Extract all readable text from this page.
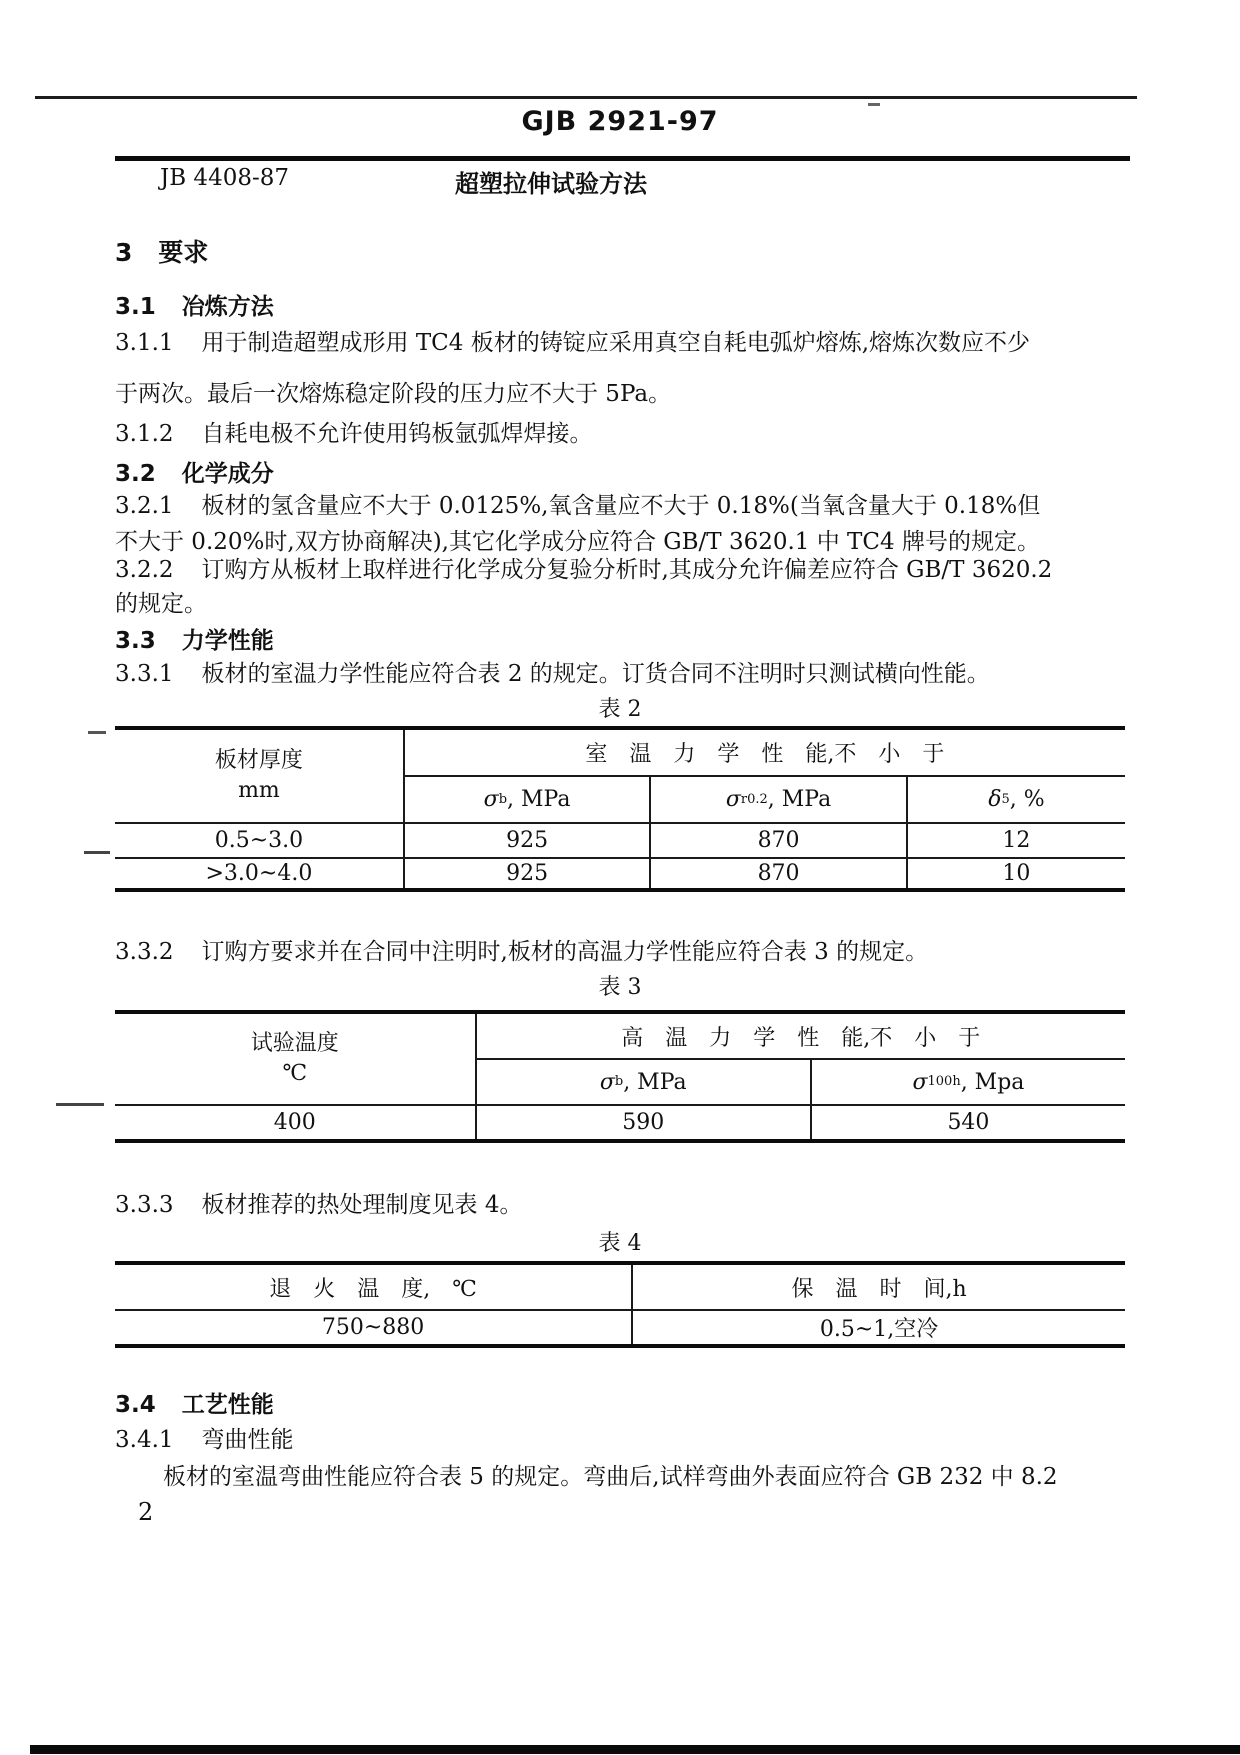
GJB 2921-97
JB 4408-87	超塑拉伸试验方法
3 要求
3.1 冶炼方法
3.1.1 用于制造超塑成形用 TC4 板材的铸锭应采用真空自耗电弧炉熔炼,熔炼次数应不少
于两次。最后一次熔炼稳定阶段的压力应不大于 5Pa。
3.1.2 自耗电极不允许使用钨板氩弧焊焊接。
3.2 化学成分
3.2.1 板材的氢含量应不大于 0.0125%,氧含量应不大于 0.18%(当氧含量大于 0.18%但
不大于 0.20%时,双方协商解决),其它化学成分应符合 GB/T 3620.1 中 TC4 牌号的规定。
3.2.2 订购方从板材上取样进行化学成分复验分析时,其成分允许偏差应符合 GB/T 3620.2
的规定。
3.3 力学性能
3.3.1 板材的室温力学性能应符合表 2 的规定。订货合同不注明时只测试横向性能。
表 2
板材厚度
mm
室　温　力　学　性　能,不　小　于
σ b , MPa	σ r0.2 , MPa	δ 5 , %
0.5~3.0	925	870	12
>3.0~4.0	925	870	10
3.3.2 订购方要求并在合同中注明时,板材的高温力学性能应符合表 3 的规定。
表 3
试验温度
℃
高　温　力　学　性　能,不　小　于
σ b , MPa	σ 100h , Mpa
400	590	540
3.3.3 板材推荐的热处理制度见表 4。
表 4
退　火　温　度,　℃	保　温　时　间,h
750~880	0.5~1,空冷
3.4 工艺性能
3.4.1 弯曲性能
板材的室温弯曲性能应符合表 5 的规定。弯曲后,试样弯曲外表面应符合 GB 232 中 8.2
2
